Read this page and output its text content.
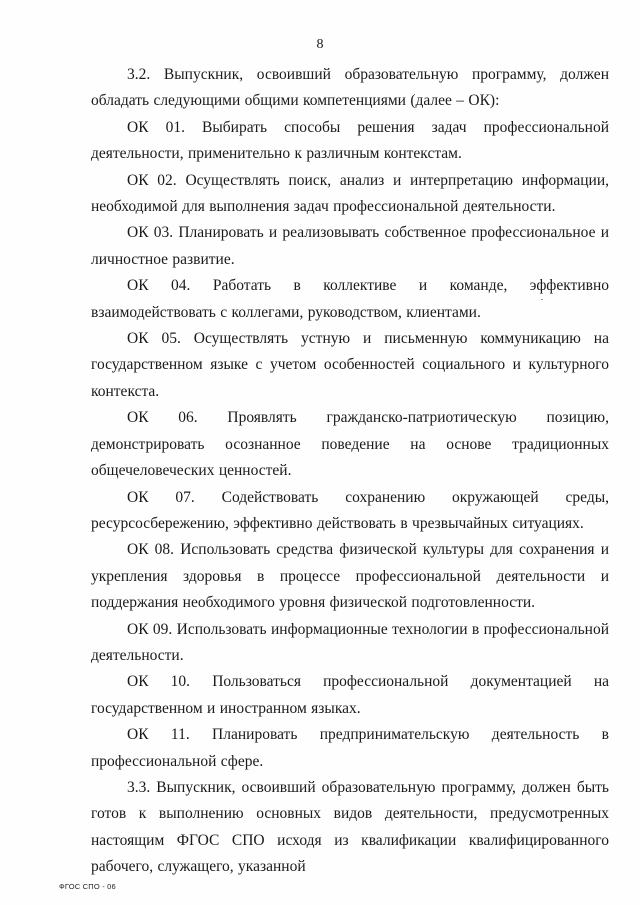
8

3.2. Выпускник, освоивший образовательную программу, должен обладать следующими общими компетенциями (далее – ОК):

ОК 01. Выбирать способы решения задач профессиональной деятельности, применительно к различным контекстам.

ОК 02. Осуществлять поиск, анализ и интерпретацию информации, необходимой для выполнения задач профессиональной деятельности.

ОК 03. Планировать и реализовывать собственное профессиональное и личностное развитие.

ОК 04. Работать в коллективе и команде, эффективно взаимодействовать с коллегами, руководством, клиентами.

ОК 05. Осуществлять устную и письменную коммуникацию на государственном языке с учетом особенностей социального и культурного контекста.

ОК 06. Проявлять гражданско-патриотическую позицию, демонстрировать осознанное поведение на основе традиционных общечеловеческих ценностей.

ОК 07. Содействовать сохранению окружающей среды, ресурсосбережению, эффективно действовать в чрезвычайных ситуациях.

ОК 08. Использовать средства физической культуры для сохранения и укрепления здоровья в процессе профессиональной деятельности и поддержания необходимого уровня физической подготовленности.

ОК 09. Использовать информационные технологии в профессиональной деятельности.

ОК 10. Пользоваться профессиональной документацией на государственном и иностранном языках.

ОК 11. Планировать предпринимательскую деятельность в профессиональной сфере.

3.3. Выпускник, освоивший образовательную программу, должен быть готов к выполнению основных видов деятельности, предусмотренных настоящим ФГОС СПО исходя из квалификации квалифицированного рабочего, служащего, указанной

ФГОС СПО - 06
